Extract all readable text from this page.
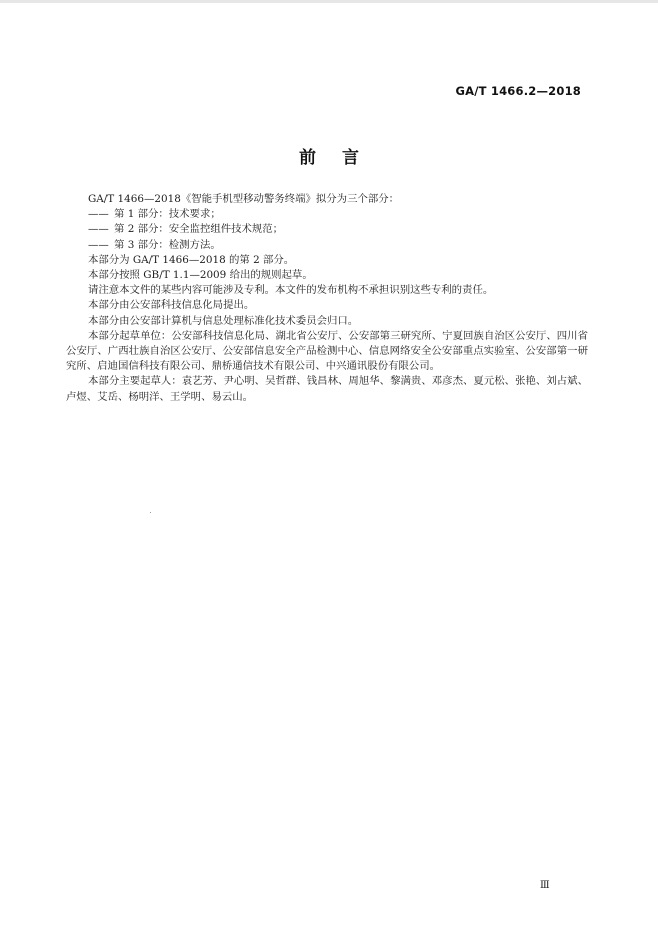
GA/T 1466.2—2018
前言

GA/T 1466—2018《智能手机型移动警务终端》拟分为三个部分：

—— 第 1 部分：技术要求；

—— 第 2 部分：安全监控组件技术规范；

—— 第 3 部分：检测方法。

本部分为 GA/T 1466—2018 的第 2 部分。

本部分按照 GB/T 1.1—2009 给出的规则起草。

请注意本文件的某些内容可能涉及专利。本文件的发布机构不承担识别这些专利的责任。

本部分由公安部科技信息化局提出。

本部分由公安部计算机与信息处理标准化技术委员会归口。

本部分起草单位：公安部科技信息化局、湖北省公安厅、公安部第三研究所、宁夏回族自治区公安厅、四川省公安厅、广西壮族自治区公安厅、公安部信息安全产品检测中心、信息网络安全公安部重点实验室、公安部第一研究所、启迪国信科技有限公司、鼎桥通信技术有限公司、中兴通讯股份有限公司。

本部分主要起草人：袁艺芳、尹心明、吴哲群、钱昌林、周旭华、黎满贵、邓彦杰、夏元松、张艳、刘占斌、卢煜、艾岳、杨明洋、王学明、易云山。

Ⅲ
